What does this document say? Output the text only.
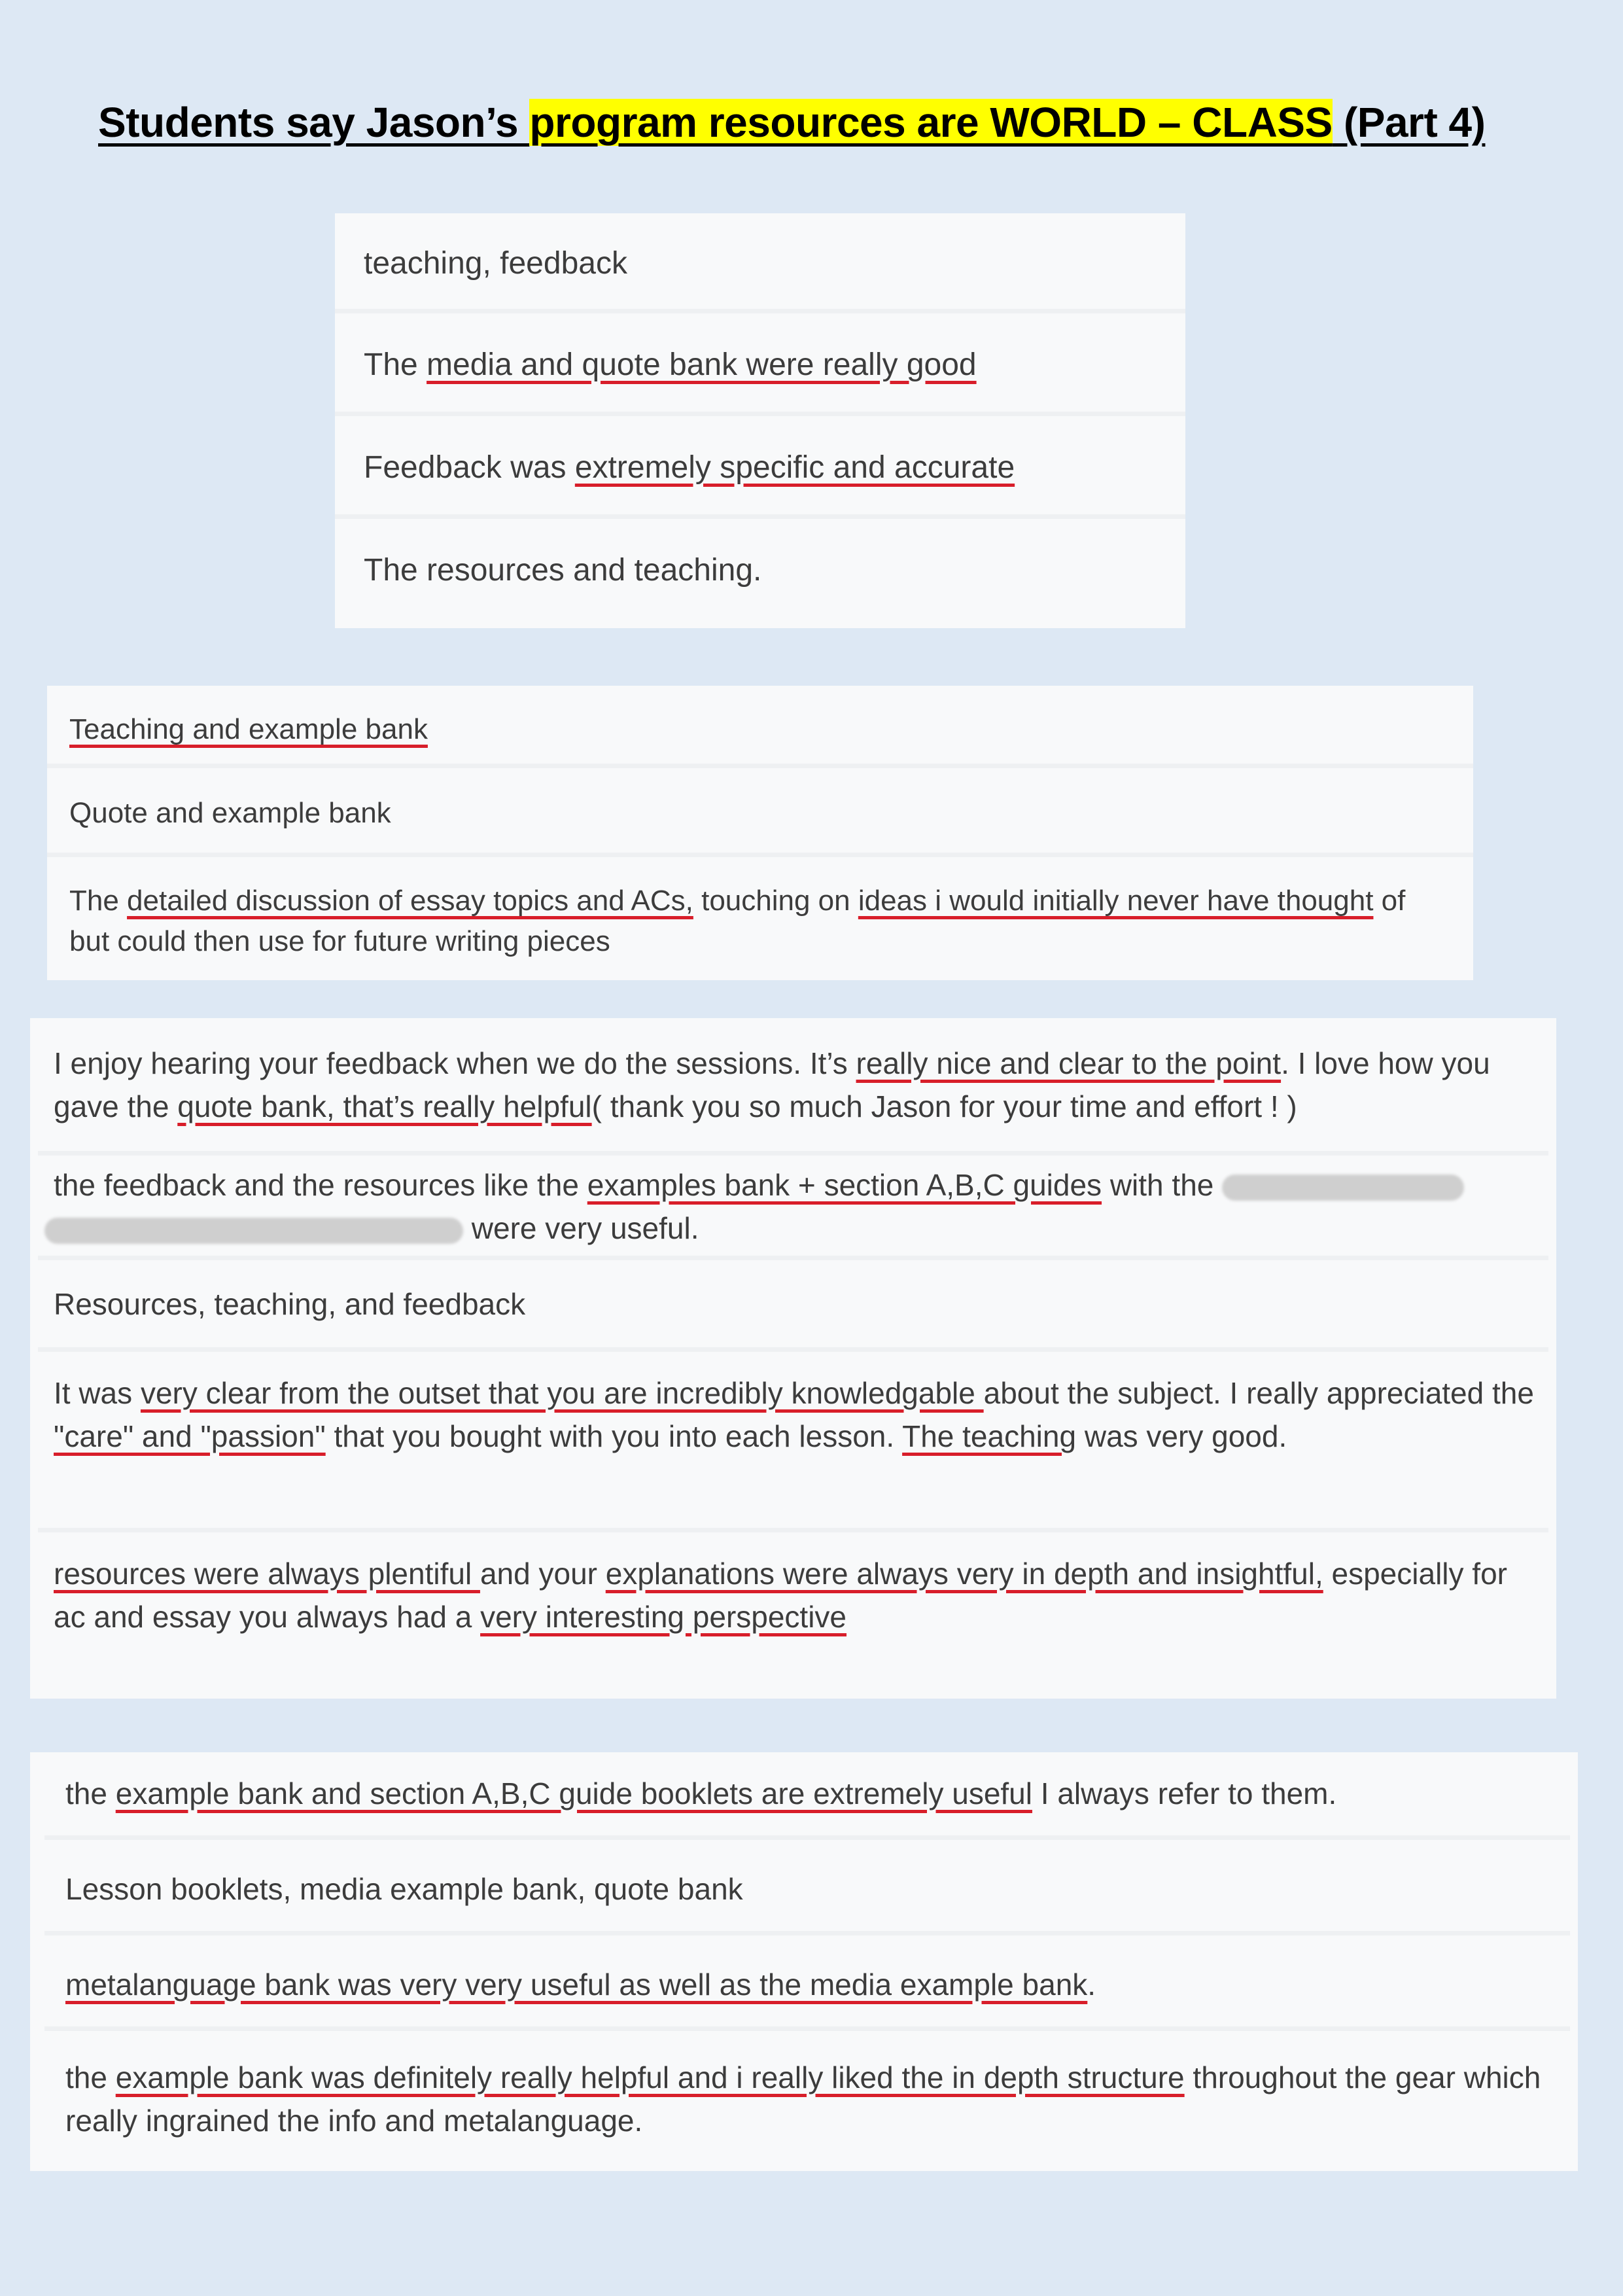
Students say Jason’s program resources are WORLD – CLASS (Part 4)
teaching, feedback
The media and quote bank were really good
Feedback was extremely specific and accurate
The resources and teaching.
Teaching and example bank
Quote and example bank
The detailed discussion of essay topics and ACs, touching on ideas i would initially never have thought of but could then use for future writing pieces
I enjoy hearing your feedback when we do the sessions. It’s really nice and clear to the point. I love how you gave the quote bank, that’s really helpful( thank you so much Jason for your time and effort ! )
the feedback and the resources like the examples bank + section A,B,C guides with the
were very useful.
Resources, teaching, and feedback
It was very clear from the outset that you are incredibly knowledgable about the subject. I really appreciated the "care" and "passion" that you bought with you into each lesson. The teaching was very good.
resources were always plentiful and your explanations were always very in depth and insightful, especially for ac and essay you always had a very interesting perspective
the example bank and section A,B,C guide booklets are extremely useful I always refer to them.
Lesson booklets, media example bank, quote bank
metalanguage bank was very very useful as well as the media example bank.
the example bank was definitely really helpful and i really liked the in depth structure throughout the gear which really ingrained the info and metalanguage.
